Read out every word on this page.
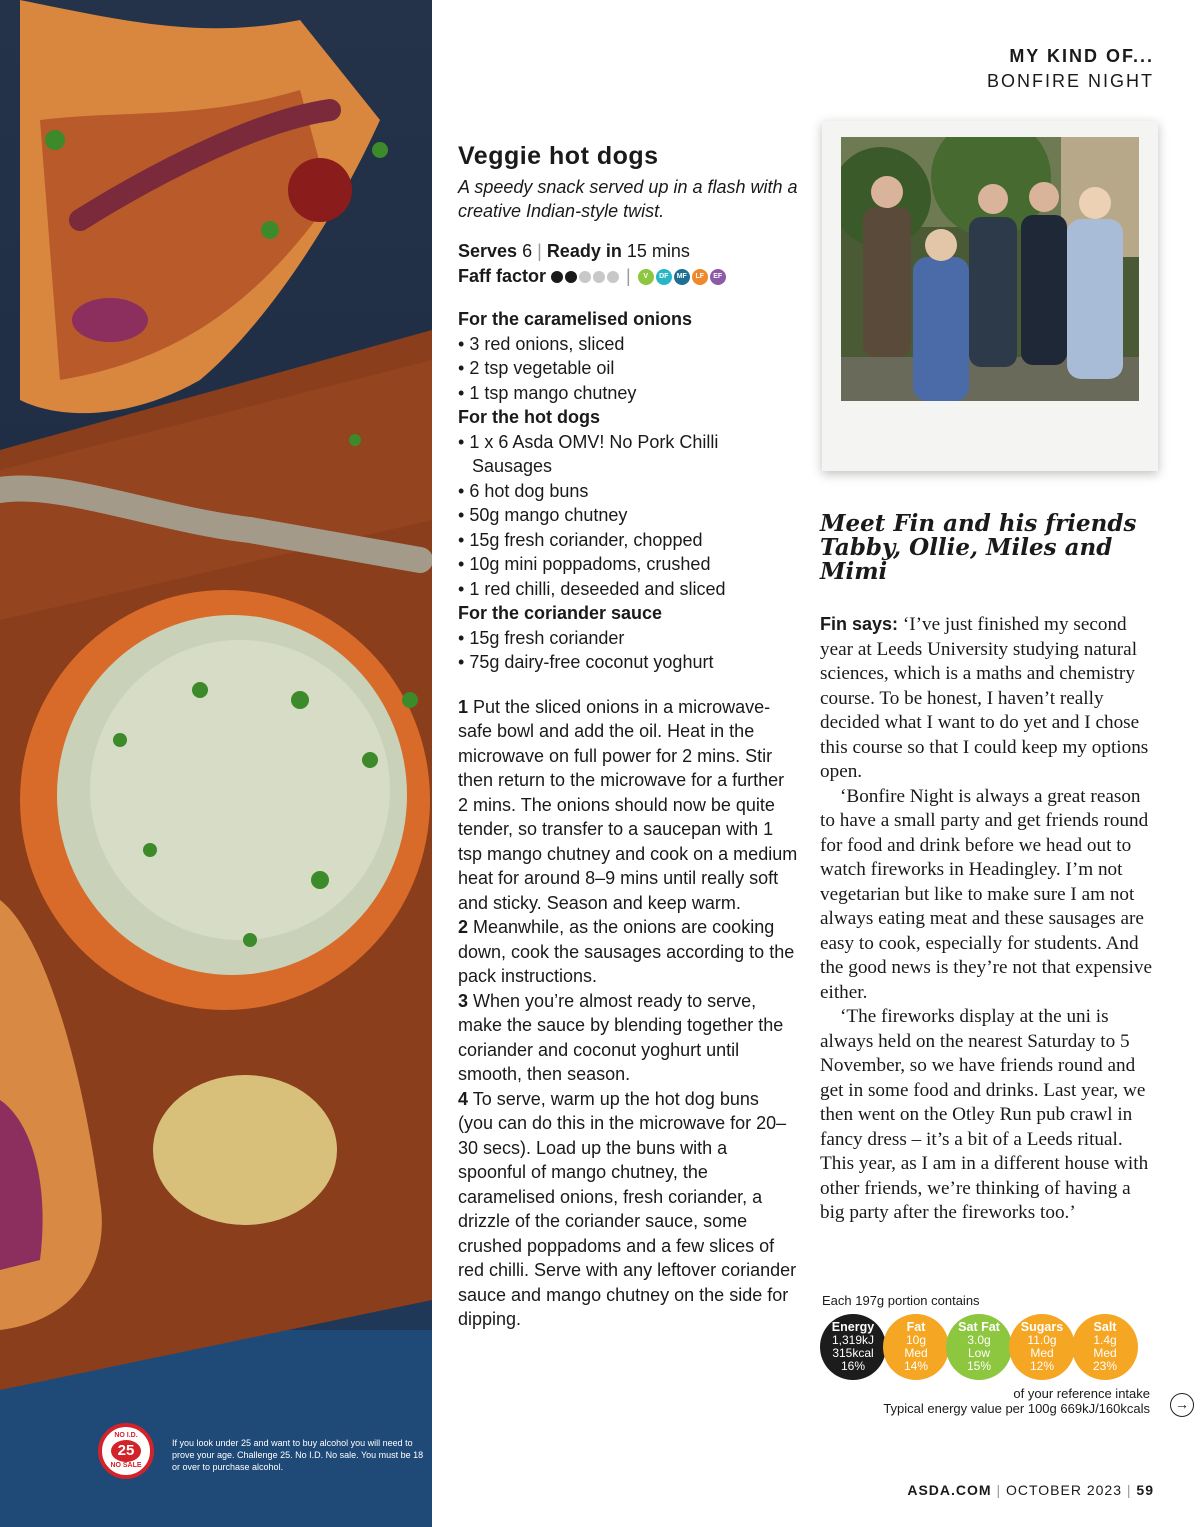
NO I.D.
25
NO SALE
If you look under 25 and want to buy alcohol you will need to prove your age. Challenge 25. No I.D. No sale. You must be 18 or over to purchase alcohol.
MY KIND OF...
BONFIRE NIGHT
Veggie hot dogs
A speedy snack served up in a flash with a creative Indian-style twist.
Serves 6 | Ready in 15 mins
Faff factor	| V DF MF LF EF
For the caramelised onions
• 3 red onions, sliced
• 2 tsp vegetable oil
• 1 tsp mango chutney
For the hot dogs
• 1 x 6 Asda OMV! No Pork Chilli Sausages
• 6 hot dog buns
• 50g mango chutney
• 15g fresh coriander, chopped
• 10g mini poppadoms, crushed
• 1 red chilli, deseeded and sliced
For the coriander sauce
• 15g fresh coriander
• 75g dairy-free coconut yoghurt

1 Put the sliced onions in a microwave-safe bowl and add the oil. Heat in the microwave on full power for 2 mins. Stir then return to the microwave for a further 2 mins. The onions should now be quite tender, so transfer to a saucepan with 1 tsp mango chutney and cook on a medium heat for around 8–9 mins until really soft and sticky. Season and keep warm.

2 Meanwhile, as the onions are cooking down, cook the sausages according to the pack instructions.

3 When you’re almost ready to serve, make the sauce by blending together the coriander and coconut yoghurt until smooth, then season.

4 To serve, warm up the hot dog buns (you can do this in the microwave for 20–30 secs). Load up the buns with a spoonful of mango chutney, the caramelised onions, fresh coriander, a drizzle of the coriander sauce, some crushed poppadoms and a few slices of red chilli. Serve with any leftover coriander sauce and mango chutney on the side for dipping.

Meet Fin and his friends Tabby, Ollie, Miles and Mimi

Fin says: ‘I’ve just finished my second year at Leeds University studying natural sciences, which is a maths and chemistry course. To be honest, I haven’t really decided what I want to do yet and I chose this course so that I could keep my options open.

‘Bonfire Night is always a great reason to have a small party and get friends round for food and drink before we head out to watch fireworks in Headingley. I’m not vegetarian but like to make sure I am not always eating meat and these sausages are easy to cook, especially for students. And the good news is they’re not that expensive either.

‘The fireworks display at the uni is always held on the nearest Saturday to 5 November, so we have friends round and get in some food and drinks. Last year, we then went on the Otley Run pub crawl in fancy dress – it’s a bit of a Leeds ritual. This year, as I am in a different house with other friends, we’re thinking of having a big party after the fireworks too.’

Each 197g portion contains
Energy
1,319kJ
315kcal
16%
Fat
10g
Med
14%
Sat Fat
3.0g
Low
15%
Sugars
11.0g
Med
12%
Salt
1.4g
Med
23%
of your reference intake
Typical energy value per 100g 669kJ/160kcals	→
ASDA.COM | OCTOBER 2023 | 59
